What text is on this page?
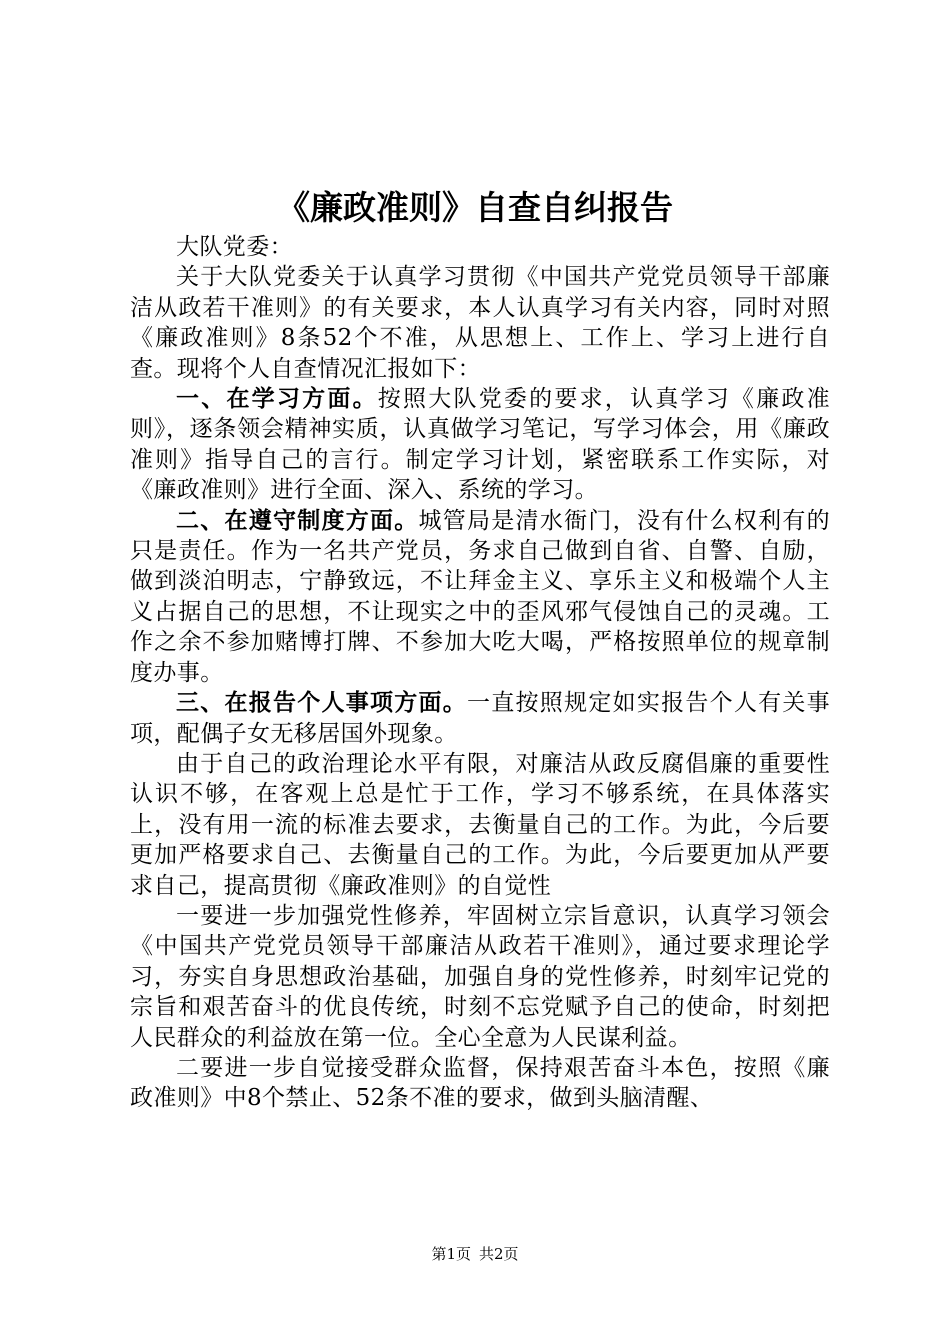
《廉政准则》自查自纠报告

大队党委：

关于大队党委关于认真学习贯彻《中国共产党党员领导干部廉洁从政若干准则》的有关要求，本人认真学习有关内容，同时对照《廉政准则》8条52个不准，从思想上、工作上、学习上进行自查。现将个人自查情况汇报如下：

一、在学习方面。按照大队党委的要求，认真学习《廉政准则》，逐条领会精神实质，认真做学习笔记，写学习体会，用《廉政准则》指导自己的言行。制定学习计划，紧密联系工作实际，对《廉政准则》进行全面、深入、系统的学习。

二、在遵守制度方面。城管局是清水衙门，没有什么权利有的只是责任。作为一名共产党员，务求自己做到自省、自警、自励，做到淡泊明志，宁静致远，不让拜金主义、享乐主义和极端个人主义占据自己的思想，不让现实之中的歪风邪气侵蚀自己的灵魂。工作之余不参加赌博打牌、不参加大吃大喝，严格按照单位的规章制度办事。

三、在报告个人事项方面。一直按照规定如实报告个人有关事项，配偶子女无移居国外现象。

由于自己的政治理论水平有限，对廉洁从政反腐倡廉的重要性认识不够，在客观上总是忙于工作，学习不够系统，在具体落实上，没有用一流的标准去要求，去衡量自己的工作。为此，今后要更加严格要求自己、去衡量自己的工作。为此，今后要更加从严要求自己，提高贯彻《廉政准则》的自觉性

一要进一步加强党性修养，牢固树立宗旨意识，认真学习领会《中国共产党党员领导干部廉洁从政若干准则》，通过要求理论学习，夯实自身思想政治基础，加强自身的党性修养，时刻牢记党的宗旨和艰苦奋斗的优良传统，时刻不忘党赋予自己的使命，时刻把人民群众的利益放在第一位。全心全意为人民谋利益。

二要进一步自觉接受群众监督，保持艰苦奋斗本色，按照《廉政准则》中8个禁止、52条不准的要求，做到头脑清醒、

第1页 共2页
